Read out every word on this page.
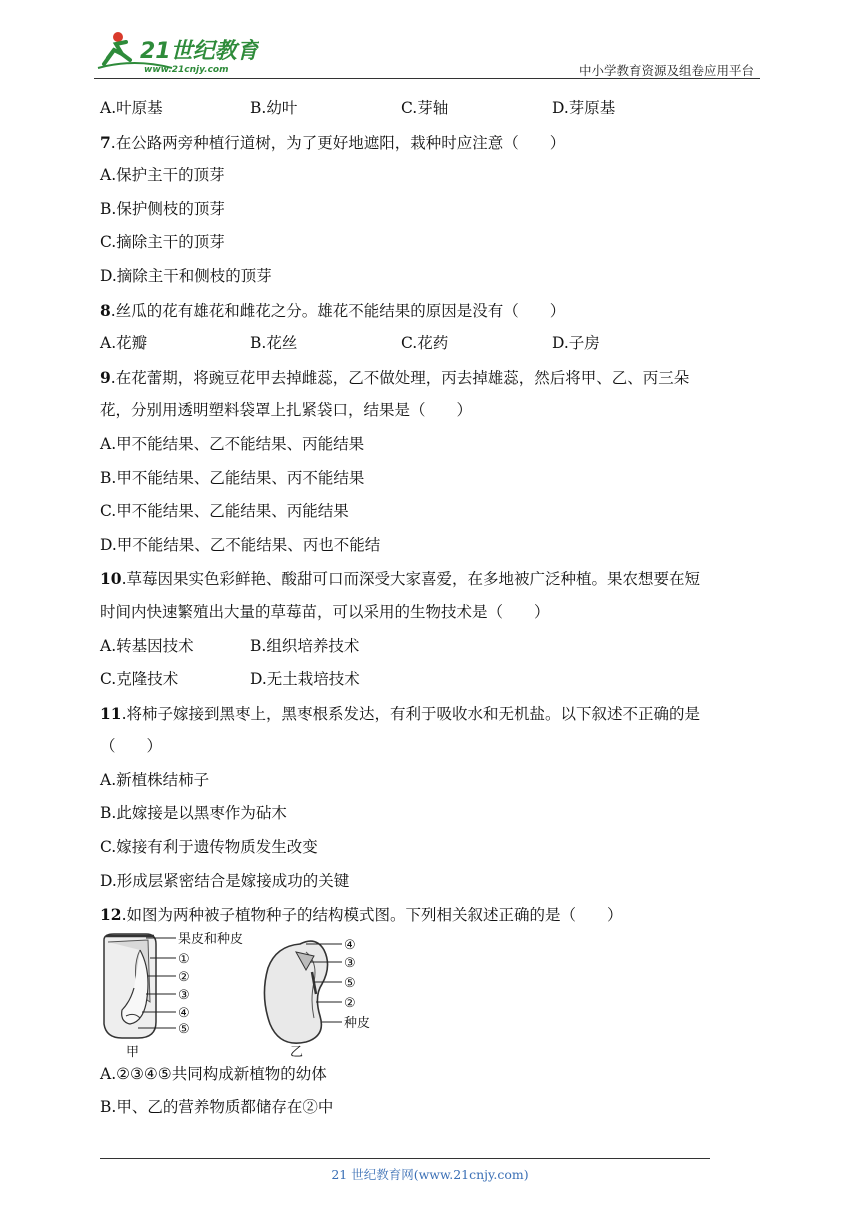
21世纪教育
www.21cnjy.com	中小学教育资源及组卷应用平台
A.叶原基	B.幼叶	C.芽轴	D.芽原基
7.在公路两旁种植行道树，为了更好地遮阳，栽种时应注意（　　）
A.保护主干的顶芽
B.保护侧枝的顶芽
C.摘除主干的顶芽
D.摘除主干和侧枝的顶芽
8.丝瓜的花有雄花和雌花之分。雄花不能结果的原因是没有（　　）
A.花瓣	B.花丝	C.花药	D.子房
9.在花蕾期，将豌豆花甲去掉雌蕊，乙不做处理，丙去掉雄蕊，然后将甲、乙、丙三朵
花，分别用透明塑料袋罩上扎紧袋口，结果是（　　）
A.甲不能结果、乙不能结果、丙能结果
B.甲不能结果、乙能结果、丙不能结果
C.甲不能结果、乙能结果、丙能结果
D.甲不能结果、乙不能结果、丙也不能结
10.草莓因果实色彩鲜艳、酸甜可口而深受大家喜爱，在多地被广泛种植。果农想要在短
时间内快速繁殖出大量的草莓苗，可以采用的生物技术是（　　）
A.转基因技术	B.组织培养技术
C.克隆技术	D.无土栽培技术
11.将柿子嫁接到黑枣上，黑枣根系发达，有利于吸收水和无机盐。以下叙述不正确的是
（　　）
A.新植株结柿子
B.此嫁接是以黑枣作为砧木
C.嫁接有利于遗传物质发生改变
D.形成层紧密结合是嫁接成功的关键
12.如图为两种被子植物种子的结构模式图。下列相关叙述正确的是（　　）
果皮和种皮
①
②
③
④
⑤
甲
④
③
⑤
②
种皮
乙
A.②③④⑤共同构成新植物的幼体
B.甲、乙的营养物质都储存在②中
21 世纪教育网(www.21cnjy.com)
